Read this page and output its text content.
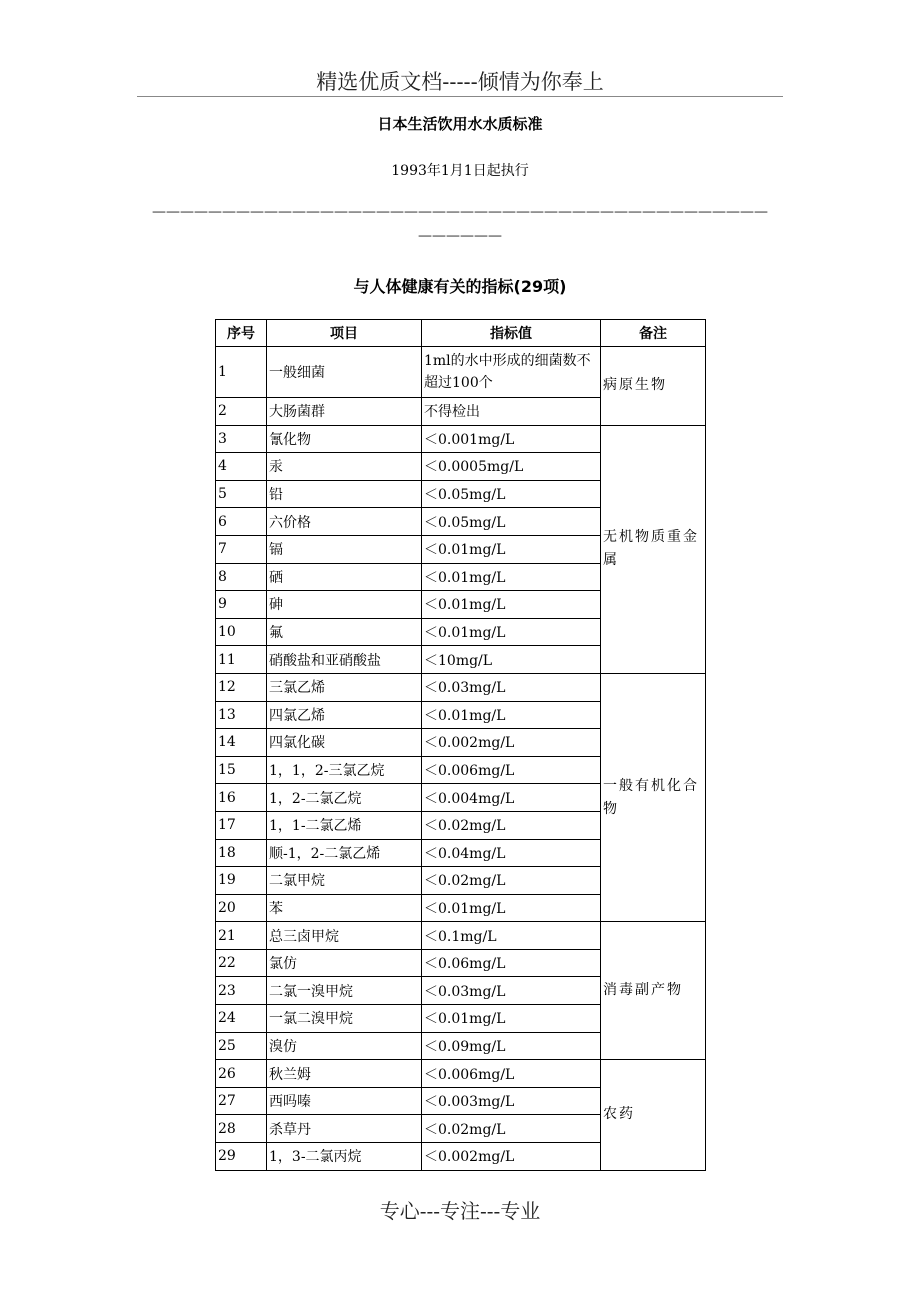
精选优质文档-----倾情为你奉上
日本生活饮用水水质标准
1993年1月1日起执行
————————————————————————————————————————————
——————
与人体健康有关的指标(29项)
序号	项目	指标值	备注
1	一般细菌	1ml的水中形成的细菌数不超过100个	病原生物
2	大肠菌群	不得检出	
3	氰化物	＜0.001mg/L	无机物质重金属
4	汞	＜0.0005mg/L	
5	铅	＜0.05mg/L	
6	六价格	＜0.05mg/L	
7	镉	＜0.01mg/L	
8	硒	＜0.01mg/L	
9	砷	＜0.01mg/L	
10	氟	＜0.01mg/L	
11	硝酸盐和亚硝酸盐	＜10mg/L	
12	三氯乙烯	＜0.03mg/L	一般有机化合物
13	四氯乙烯	＜0.01mg/L	
14	四氯化碳	＜0.002mg/L	
15	1，1，2-三氯乙烷	＜0.006mg/L	
16	1，2-二氯乙烷	＜0.004mg/L	
17	1，1-二氯乙烯	＜0.02mg/L	
18	顺-1，2-二氯乙烯	＜0.04mg/L	
19	二氯甲烷	＜0.02mg/L	
20	苯	＜0.01mg/L	
21	总三卤甲烷	＜0.1mg/L	消毒副产物
22	氯仿	＜0.06mg/L	
23	二氯一溴甲烷	＜0.03mg/L	
24	一氯二溴甲烷	＜0.01mg/L	
25	溴仿	＜0.09mg/L	
26	秋兰姆	＜0.006mg/L	农药
27	西吗嗪	＜0.003mg/L	
28	杀草丹	＜0.02mg/L	
29	1，3-二氯丙烷	＜0.002mg/L	
专心---专注---专业
